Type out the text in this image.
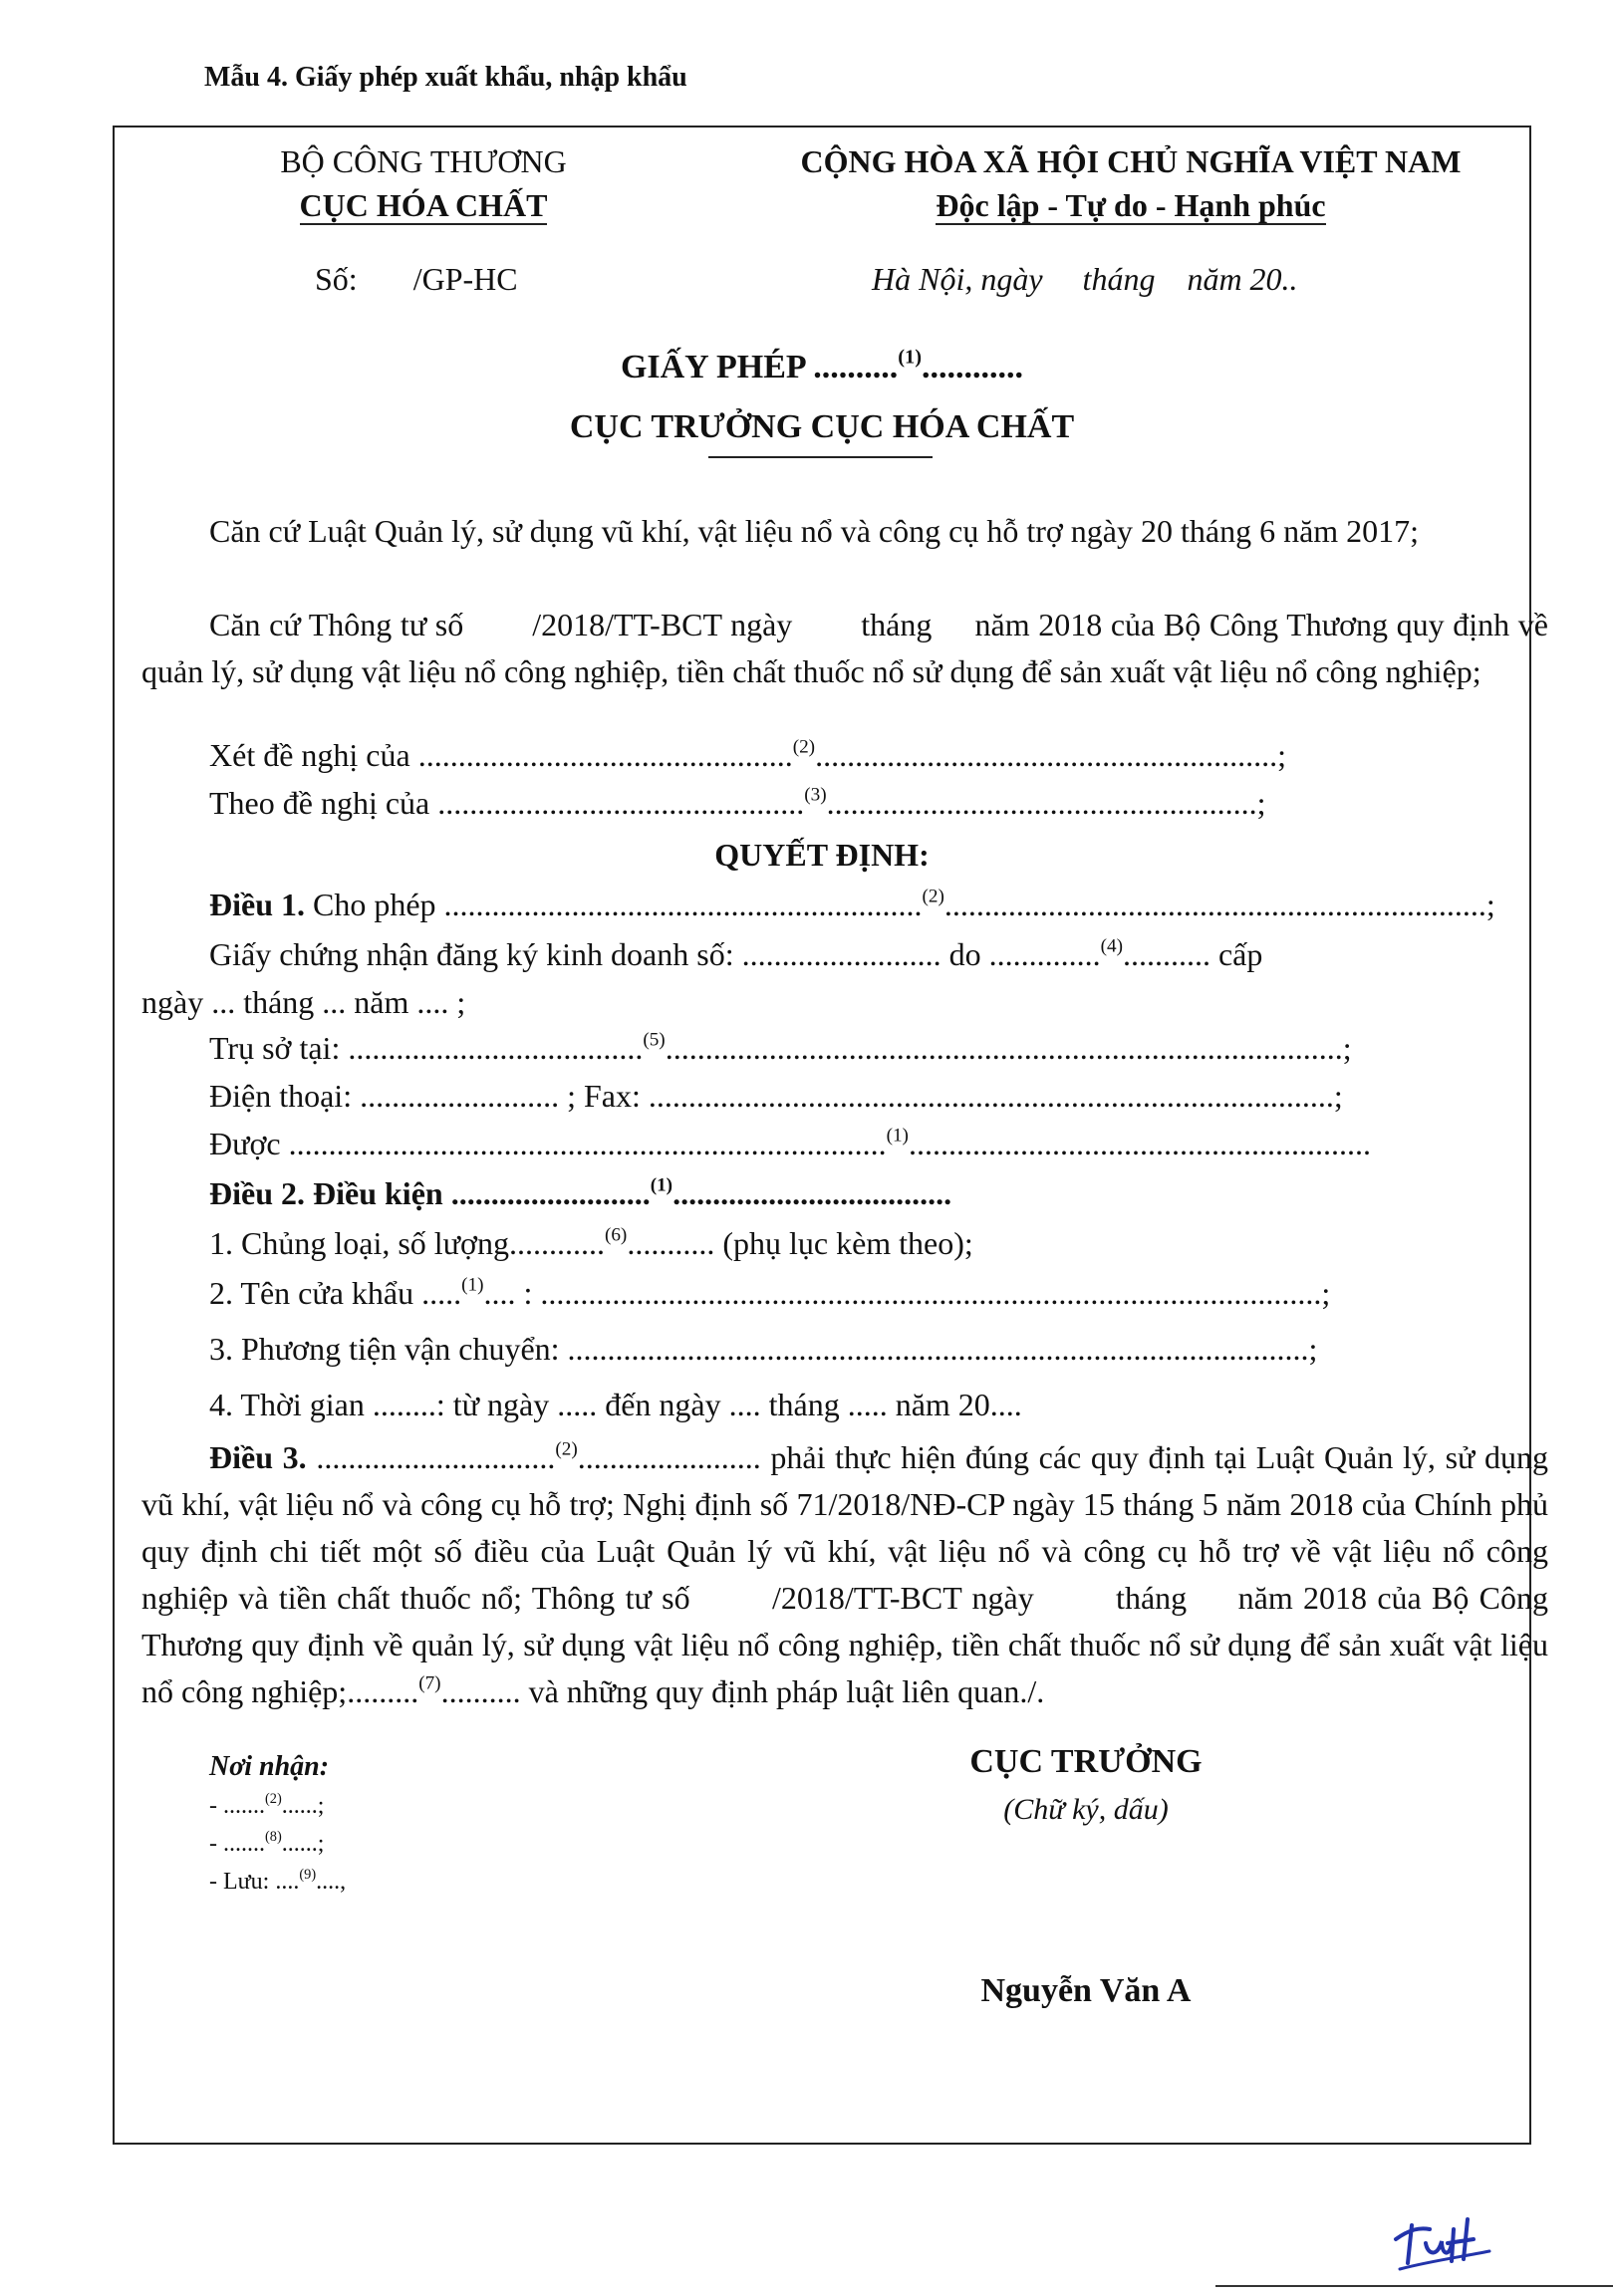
Mẫu 4. Giấy phép xuất khẩu, nhập khẩu
BỘ CÔNG THƯƠNG
CỤC HÓA CHẤT
Số: /GP-HC
CỘNG HÒA XÃ HỘI CHỦ NGHĨA VIỆT NAM
Độc lập - Tự do - Hạnh phúc
Hà Nội, ngày     tháng    năm 20..
GIẤY PHÉP ..........$^{(1)}$............
CỤC TRƯỞNG CỤC HÓA CHẤT
Căn cứ Luật Quản lý, sử dụng vũ khí, vật liệu nổ và công cụ hỗ trợ ngày 20 tháng 6 năm 2017;
Căn cứ Thông tư số        /2018/TT-BCT ngày        tháng     năm 2018 của Bộ Công Thương quy định về quản lý, sử dụng vật liệu nổ công nghiệp, tiền chất thuốc nổ sử dụng để sản xuất vật liệu nổ công nghiệp;
Xét đề nghị của ...............................................$^{(2)}$..........................................................;
Theo đề nghị của ..............................................$^{(3)}$......................................................;
QUYẾT ĐỊNH:
Điều 1. Cho phép ............................................................$^{(2)}$....................................................................;
Giấy chứng nhận đăng ký kinh doanh số: ......................... do ..............$^{(4)}$........... cấp
ngày ... tháng ... năm .... ;
Trụ sở tại: .....................................$^{(5)}$.....................................................................................;
Điện thoại: ......................... ; Fax: ......................................................................................;
Được ...........................................................................$^{(1)}$..........................................................
Điều 2. Điều kiện .........................$^{(1)}$...................................
1. Chủng loại, số lượng............$^{(6)}$........... (phụ lục kèm theo);
2. Tên cửa khẩu .....$^{(1)}$.... : ..................................................................................................;
3. Phương tiện vận chuyển: .............................................................................................;
4. Thời gian ........: từ ngày ..... đến ngày .... tháng ..... năm 20....
Điều 3. ..............................$^{(2)}$....................... phải thực hiện đúng các quy định tại Luật Quản lý, sử dụng vũ khí, vật liệu nổ và công cụ hỗ trợ; Nghị định số 71/2018/NĐ-CP ngày 15 tháng 5 năm 2018 của Chính phủ quy định chi tiết một số điều của Luật Quản lý vũ khí, vật liệu nổ và công cụ hỗ trợ về vật liệu nổ công nghiệp và tiền chất thuốc nổ; Thông tư số        /2018/TT-BCT ngày        tháng     năm 2018 của Bộ Công Thương quy định về quản lý, sử dụng vật liệu nổ công nghiệp, tiền chất thuốc nổ sử dụng để sản xuất vật liệu nổ công nghiệp;.........$^{(7)}$.......... và những quy định pháp luật liên quan./.
Nơi nhận:
- .......$^{(2)}$......;
- .......$^{(8)}$......;
- Lưu: ....$^{(9)}$....,
CỤC TRƯỞNG
(Chữ ký, dấu)
Nguyễn Văn A
